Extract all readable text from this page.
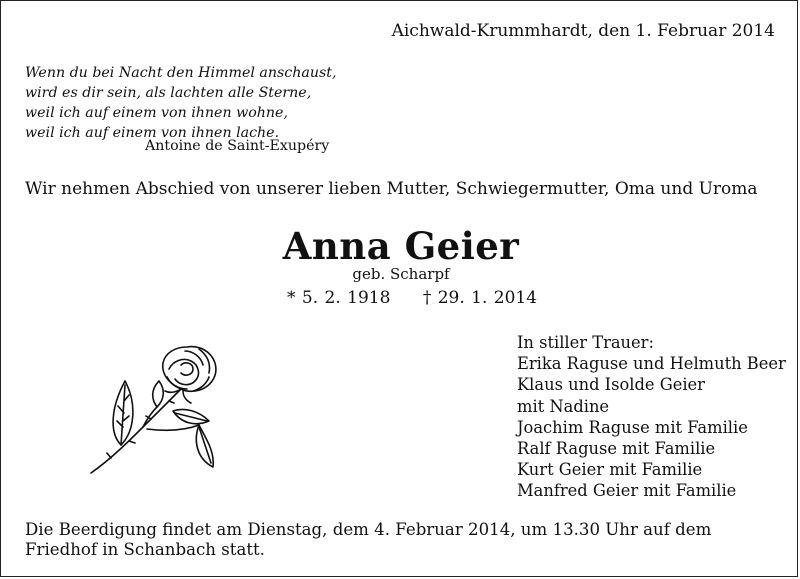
Aichwald-Krummhardt, den 1. Februar 2014
Wenn du bei Nacht den Himmel anschaust,
wird es dir sein, als lachten alle Sterne,
weil ich auf einem von ihnen wohne,
weil ich auf einem von ihnen lache.
Antoine de Saint-Exupéry
Wir nehmen Abschied von unserer lieben Mutter, Schwiegermutter, Oma und Uroma
Anna Geier
geb. Scharpf
* 5. 2. 1918 † 29. 1. 2014
In stiller Trauer:
Erika Raguse und Helmuth Beer
Klaus und Isolde Geier
mit Nadine
Joachim Raguse mit Familie
Ralf Raguse mit Familie
Kurt Geier mit Familie
Manfred Geier mit Familie
Die Beerdigung findet am Dienstag, dem 4. Februar 2014, um 13.30 Uhr auf dem Friedhof in Schanbach statt.
